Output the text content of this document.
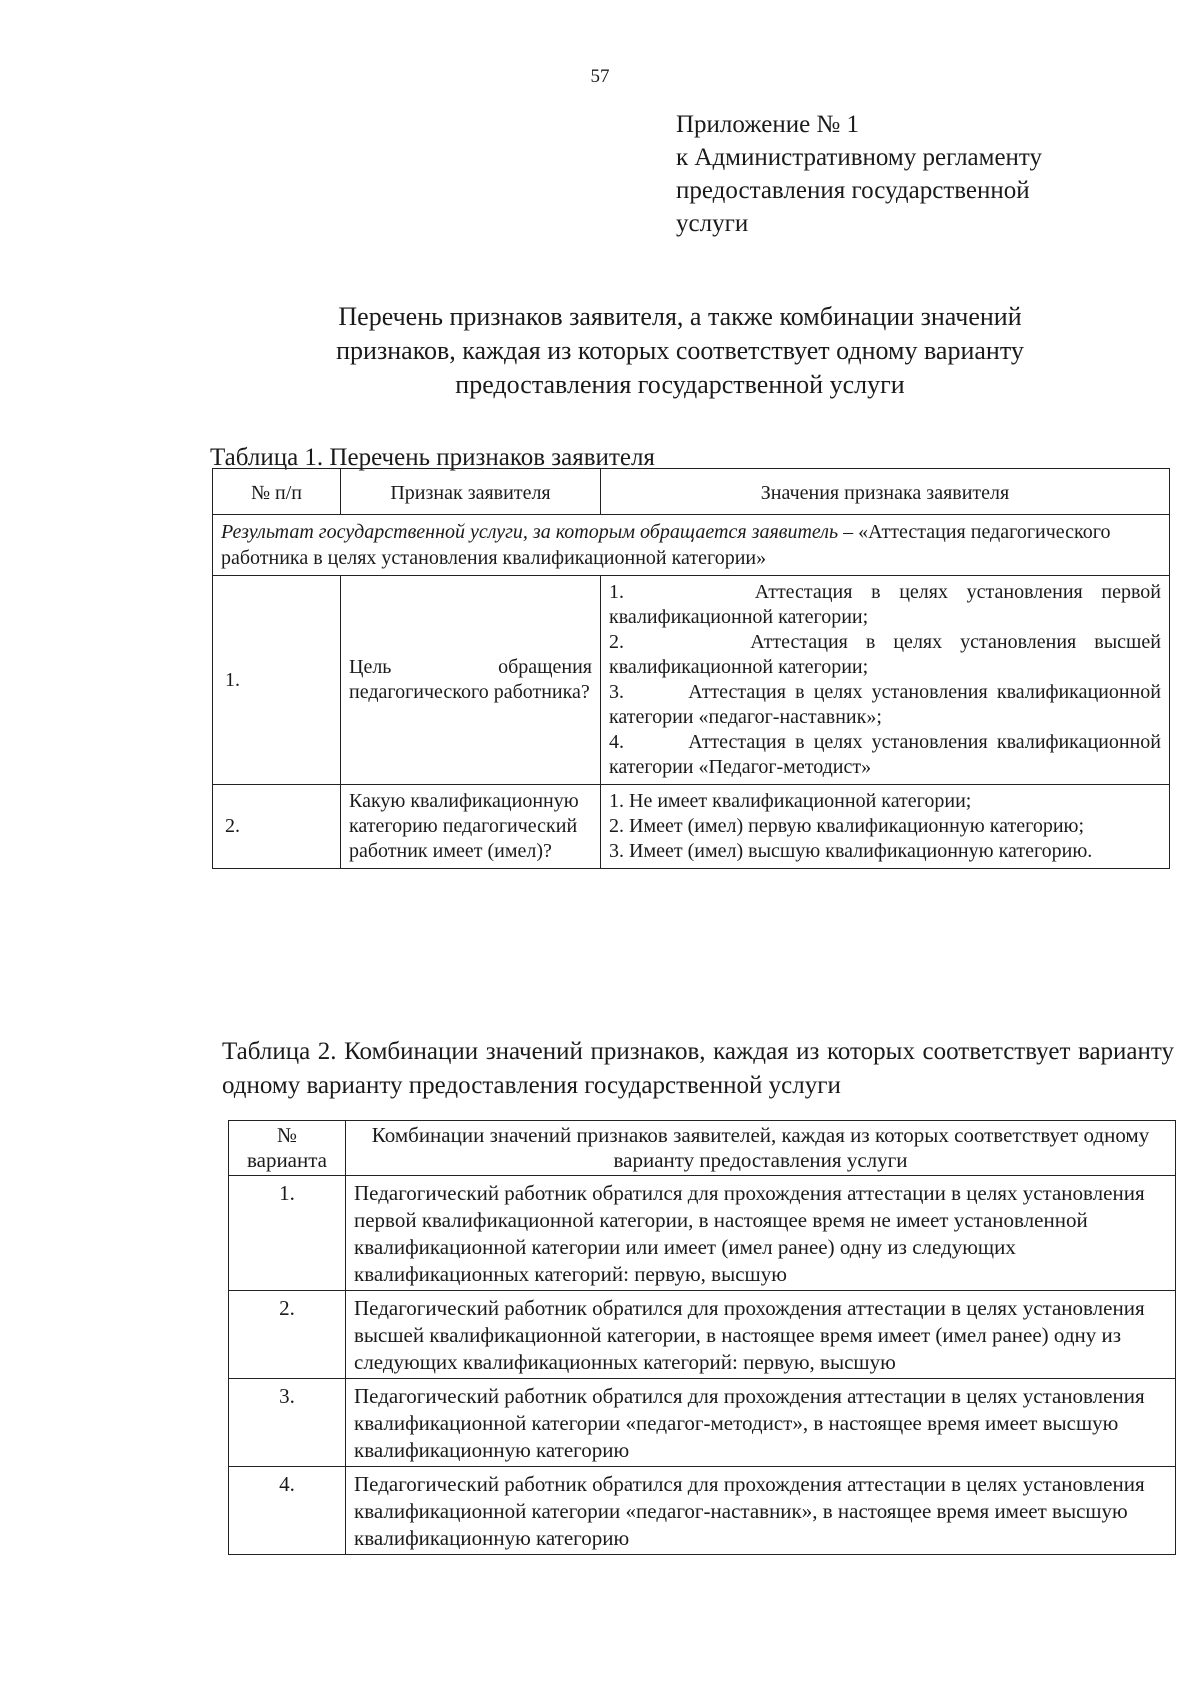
57
Приложение № 1
к Административному регламенту
предоставления государственной
услуги
Перечень признаков заявителя, а также комбинации значений
признаков, каждая из которых соответствует одному варианту
предоставления государственной услуги
Таблица 1. Перечень признаков заявителя
№ п/п	Признак заявителя	Значения признака заявителя
Результат государственной услуги, за которым обращается заявитель – «Аттестация педагогического работника в целях установления квалификационной категории»		
1.	Цель обращения педагогического работника?	1.       Аттестация в целях установления первой квалификационной категории;
2.       Аттестация в целях установления высшей квалификационной категории;
3.       Аттестация в целях установления квалификационной категории «педагог-наставник»;
4.       Аттестация в целях установления квалификационной категории «Педагог-методист»

2.	Какую квалификационную категорию педагогический работник имеет (имел)?	1. Не имеет квалификационной категории;
2. Имеет (имел) первую квалификационную категорию;
3. Имеет (имел) высшую квалификационную категорию.
Таблица 2. Комбинации значений признаков, каждая из которых соответствует варианту одному варианту предоставления государственной услуги
№ варианта	Комбинации значений признаков заявителей, каждая из которых соответствует одному варианту предоставления услуги
1.	Педагогический работник обратился для прохождения аттестации в целях установления первой квалификационной категории, в настоящее время не имеет установленной квалификационной категории или имеет (имел ранее) одну из следующих квалификационных категорий: первую, высшую
2.	Педагогический работник обратился для прохождения аттестации в целях установления высшей квалификационной категории, в настоящее время имеет (имел ранее) одну из следующих квалификационных категорий: первую, высшую
3.	Педагогический работник обратился для прохождения аттестации в целях установления квалификационной категории «педагог-методист», в настоящее время имеет высшую квалификационную категорию
4.	Педагогический работник обратился для прохождения аттестации в целях установления квалификационной категории «педагог-наставник», в настоящее время имеет высшую квалификационную категорию
